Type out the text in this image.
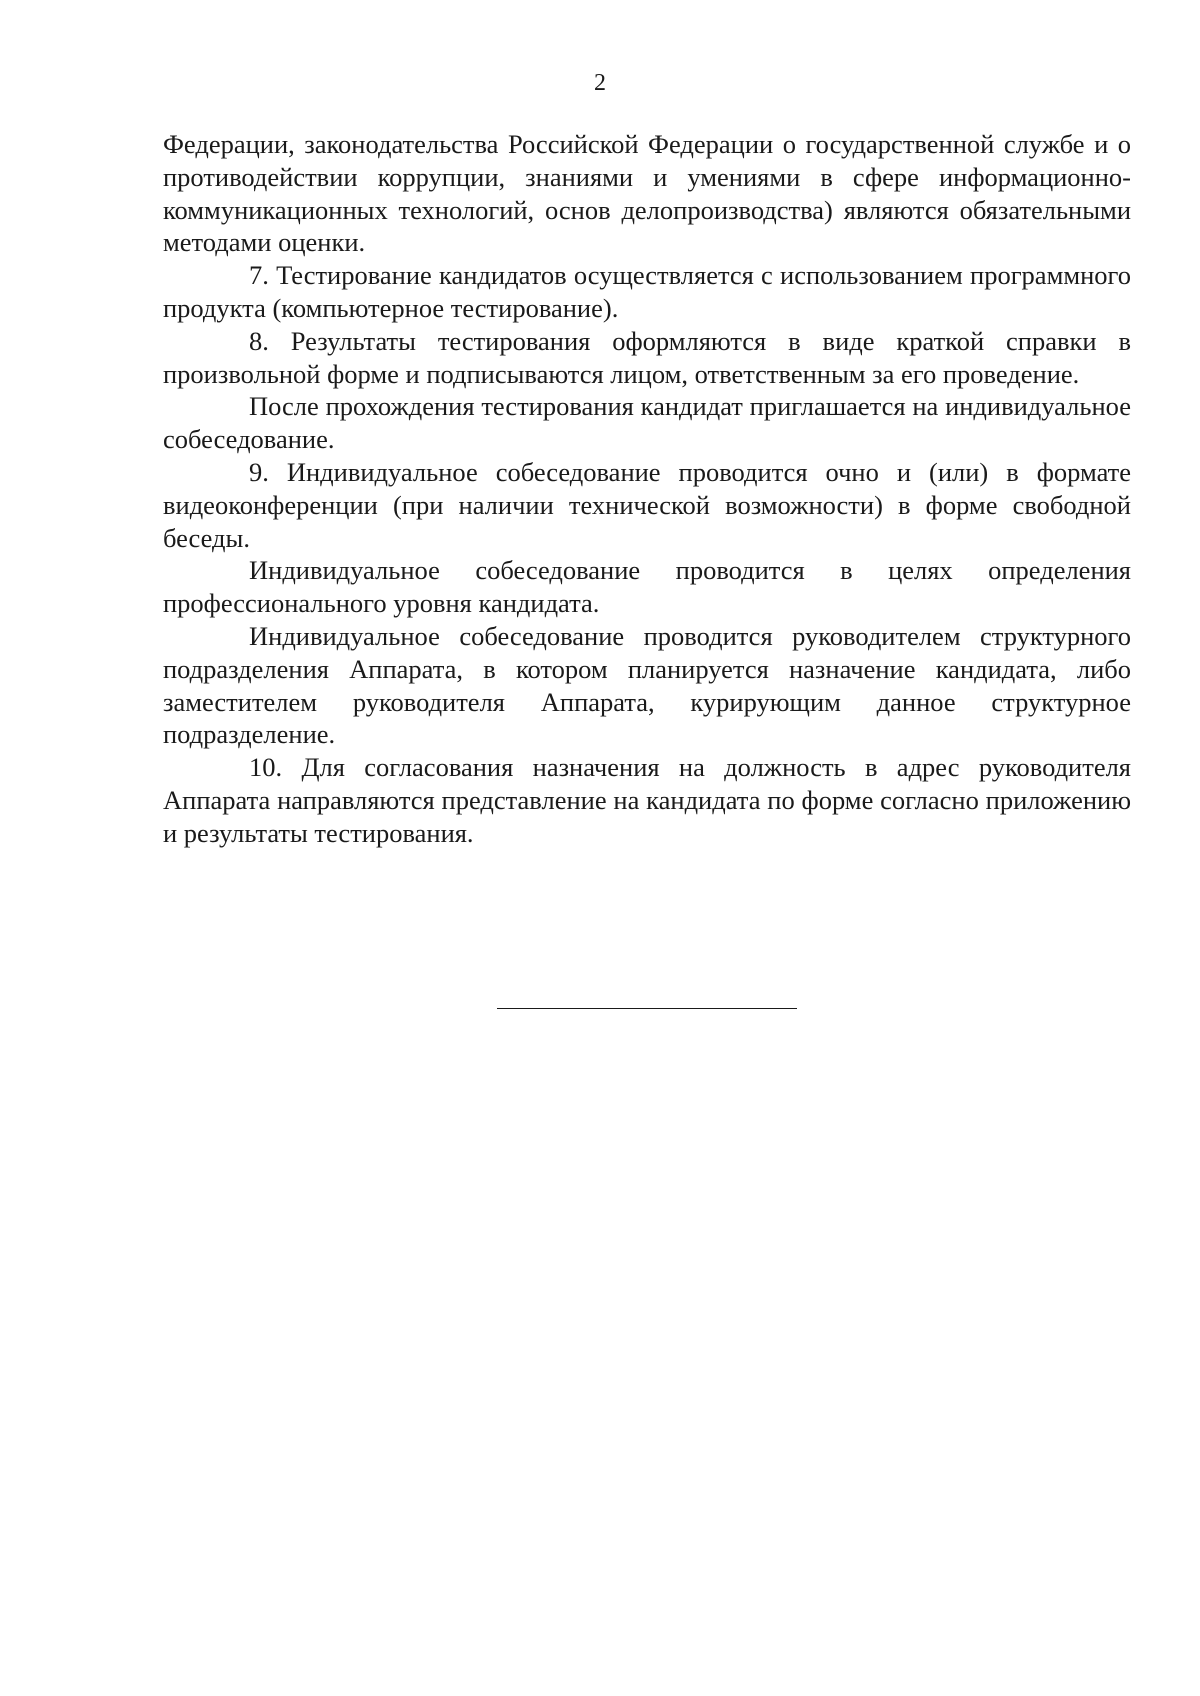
2

Федерации, законодательства Российской Федерации о государственной службе и о противодействии коррупции, знаниями и умениями в сфере информационно-коммуникационных технологий, основ делопроизводства) являются обязательными методами оценки.

7. Тестирование кандидатов осуществляется с использованием программного продукта (компьютерное тестирование).

8. Результаты тестирования оформляются в виде краткой справки в произвольной форме и подписываются лицом, ответственным за его проведение.

После прохождения тестирования кандидат приглашается на индивидуальное собеседование.

9. Индивидуальное собеседование проводится очно и (или) в формате видеоконференции (при наличии технической возможности) в форме свободной беседы.

Индивидуальное собеседование проводится в целях определения профессионального уровня кандидата.

Индивидуальное собеседование проводится руководителем структурного подразделения Аппарата, в котором планируется назначение кандидата, либо заместителем руководителя Аппарата, курирующим данное структурное подразделение.

10. Для согласования назначения на должность в адрес руководителя Аппарата направляются представление на кандидата по форме согласно приложению и результаты тестирования.
